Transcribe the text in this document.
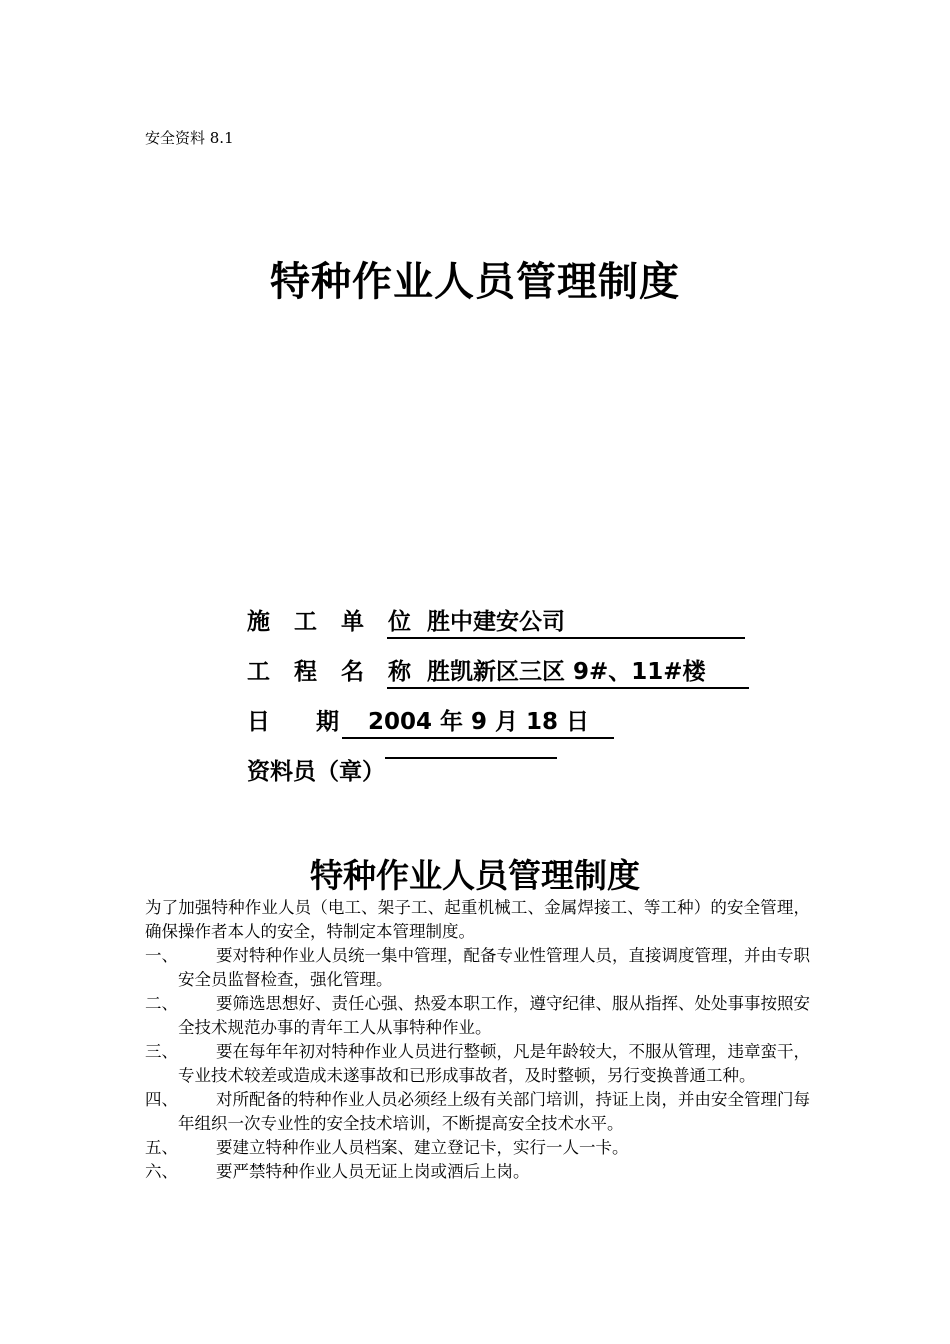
安全资料 8.1
特种作业人员管理制度
施 工 单 位 胜中建安公司
工 程 名 称 胜凯新区三区 9#、11#楼
日　　期 2004 年 9 月 18 日
资料员（章）
特种作业人员管理制度
为了加强特种作业人员（电工、架子工、起重机械工、金属焊接工、等工种）的安全管理，确保操作者本人的安全，特制定本管理制度。
一、	要对特种作业人员统一集中管理，配备专业性管理人员，直接调度管理，并由专职安全员监督检查，强化管理。
二、	要筛选思想好、责任心强、热爱本职工作，遵守纪律、服从指挥、处处事事按照安全技术规范办事的青年工人从事特种作业。
三、	要在每年年初对特种作业人员进行整顿，凡是年龄较大，不服从管理，违章蛮干，专业技术较差或造成未遂事故和已形成事故者，及时整顿，另行变换普通工种。
四、	对所配备的特种作业人员必须经上级有关部门培训，持证上岗，并由安全管理门每年组织一次专业性的安全技术培训，不断提高安全技术水平。
五、	要建立特种作业人员档案、建立登记卡，实行一人一卡。
六、	要严禁特种作业人员无证上岗或酒后上岗。
